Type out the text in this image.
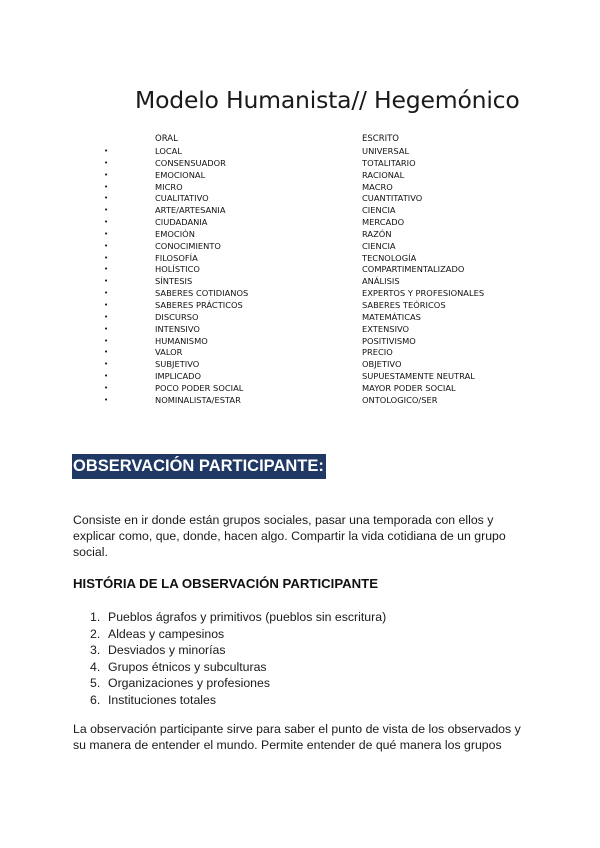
Modelo Humanista// Hegemónico
ORAL	ESCRITO
•	LOCAL	UNIVERSAL
•	CONSENSUADOR	TOTALITARIO
•	EMOCIONAL	RACIONAL
•	MICRO	MACRO
•	CUALITATIVO	CUANTITATIVO
•	ARTE/ARTESANIA	CIENCIA
•	CIUDADANIA	MERCADO
•	EMOCIÓN	RAZÓN
•	CONOCIMIENTO	CIENCIA
•	FILOSOFÍA	TECNOLOGÍA
•	HOLÍSTICO	COMPARTIMENTALIZADO
•	SÍNTESIS	ANÁLISIS
•	SABERES COTIDIANOS	EXPERTOS Y PROFESIONALES
•	SABERES PRÁCTICOS	SABERES TEÓRICOS
•	DISCURSO	MATEMÁTICAS
•	INTENSIVO	EXTENSIVO
•	HUMANISMO	POSITIVISMO
•	VALOR	PRECIO
•	SUBJETIVO	OBJETIVO
•	IMPLICADO	SUPUESTAMENTE NEUTRAL
•	POCO PODER SOCIAL	MAYOR PODER SOCIAL
•	NOMINALISTA/ESTAR	ONTOLOGICO/SER
OBSERVACIÓN PARTICIPANTE:
Consiste en ir donde están grupos sociales, pasar una temporada con ellos y explicar como, que, donde, hacen algo. Compartir la vida cotidiana de un grupo social.
HISTÓRIA DE LA OBSERVACIÓN PARTICIPANTE
1. Pueblos ágrafos y primitivos (pueblos sin escritura)
2. Aldeas y campesinos
3. Desviados y minorías
4. Grupos étnicos y subculturas
5. Organizaciones y profesiones
6. Instituciones totales
La observación participante sirve para saber el punto de vista de los observados y su manera de entender el mundo. Permite entender de qué manera los grupos
